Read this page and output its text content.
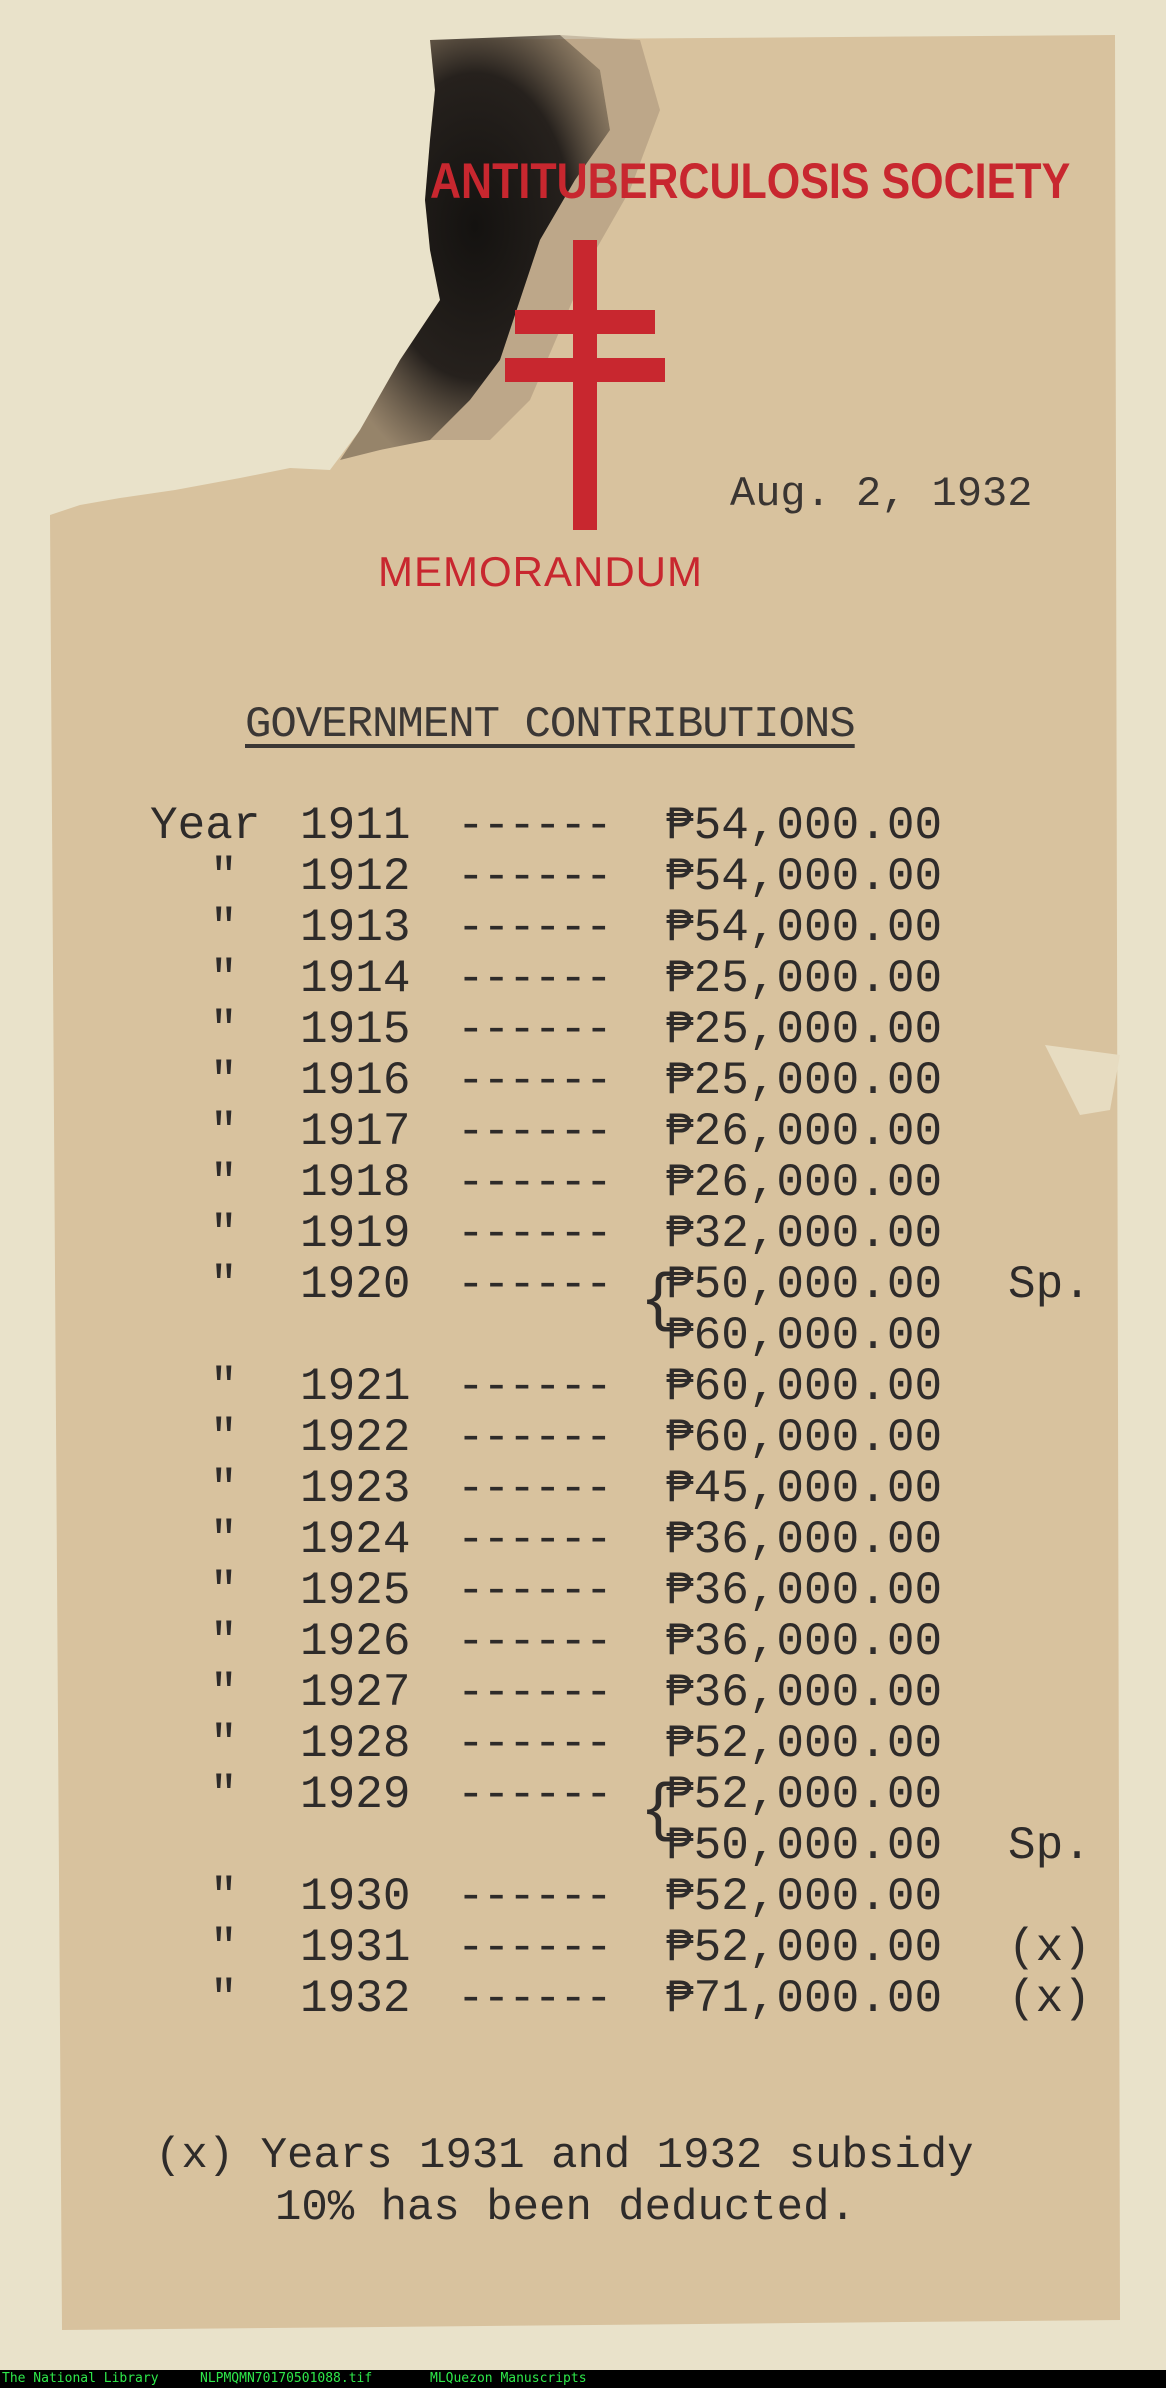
ANTITUBERCULOSIS SOCIETY
Aug. 2, 1932
MEMORANDUM
GOVERNMENT CONTRIBUTIONS
Year 1911 ------ ₱54,000.00
"	1912 ------ ₱54,000.00
"	1913 ------ ₱54,000.00
"	1914 ------ ₱25,000.00
"	1915 ------ ₱25,000.00
"	1916 ------ ₱25,000.00
"	1917 ------ ₱26,000.00
"	1918 ------ ₱26,000.00
"	1919 ------ ₱32,000.00
"	1920 ------ ₱50,000.00 Sp.
₱60,000.00
"	1921 ------ ₱60,000.00
"	1922 ------ ₱60,000.00
"	1923 ------ ₱45,000.00
"	1924 ------ ₱36,000.00
"	1925 ------ ₱36,000.00
"	1926 ------ ₱36,000.00
"	1927 ------ ₱36,000.00
"	1928 ------ ₱52,000.00
"	1929 ------ ₱52,000.00
₱50,000.00 Sp.
"	1930 ------ ₱52,000.00
"	1931 ------ ₱52,000.00 (x)
"	1932 ------ ₱71,000.00 (x)
{
{
(x) Years 1931 and 1932 subsidy
10% has been deducted.
The National Library	NLPMQMN70170501088.tif	MLQuezon Manuscripts
